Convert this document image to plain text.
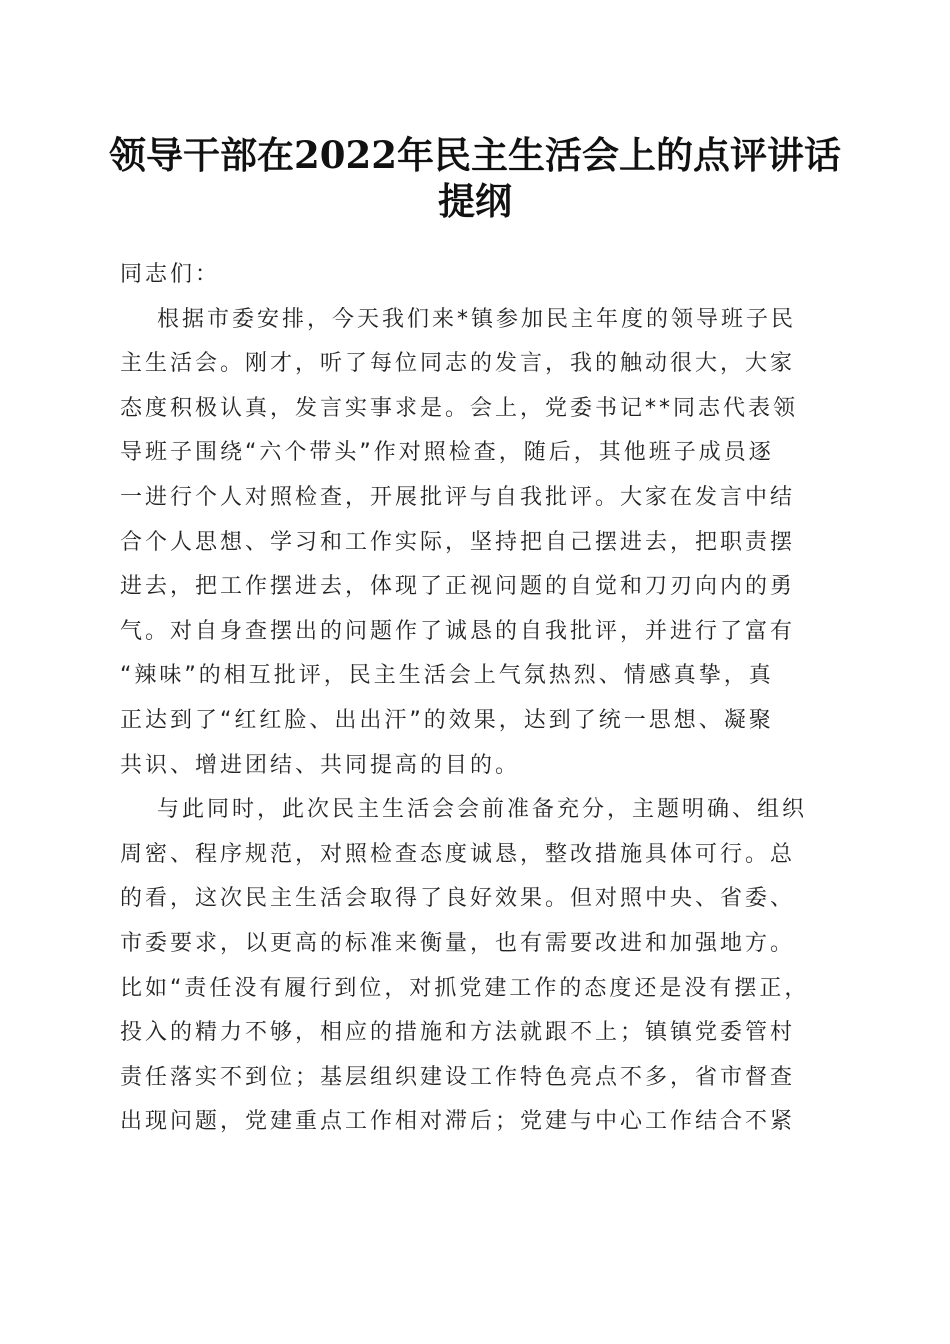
领导干部在2022年民主生活会上的点评讲话
提纲
同志们：
根据市委安排，今天我们来*镇参加民主年度的领导班子民
主生活会。刚才，听了每位同志的发言，我的触动很大，大家
态度积极认真，发言实事求是。会上，党委书记**同志代表领
导班子围绕“六个带头”作对照检查，随后，其他班子成员逐
一进行个人对照检查，开展批评与自我批评。大家在发言中结
合个人思想、学习和工作实际，坚持把自己摆进去，把职责摆
进去，把工作摆进去，体现了正视问题的自觉和刀刃向内的勇
气。对自身查摆出的问题作了诚恳的自我批评，并进行了富有
“辣味”的相互批评，民主生活会上气氛热烈、情感真挚，真
正达到了“红红脸、出出汗”的效果，达到了统一思想、凝聚
共识、增进团结、共同提高的目的。
与此同时，此次民主生活会会前准备充分，主题明确、组织
周密、程序规范，对照检查态度诚恳，整改措施具体可行。总
的看，这次民主生活会取得了良好效果。但对照中央、省委、
市委要求，以更高的标准来衡量，也有需要改进和加强地方。
比如“责任没有履行到位，对抓党建工作的态度还是没有摆正，
投入的精力不够，相应的措施和方法就跟不上；镇镇党委管村
责任落实不到位；基层组织建设工作特色亮点不多，省市督查
出现问题，党建重点工作相对滞后；党建与中心工作结合不紧
